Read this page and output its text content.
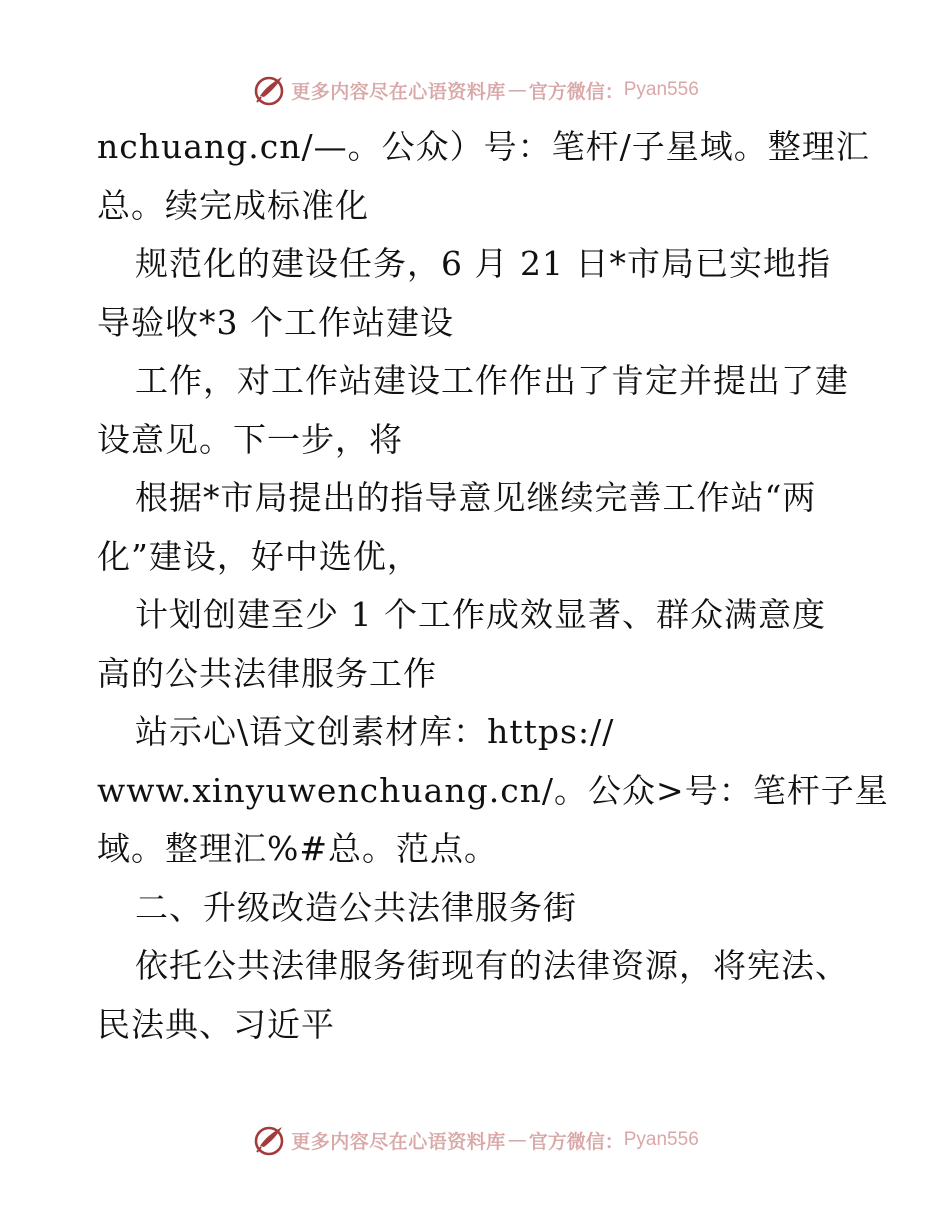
更多内容尽在心语资料库 — 官方微信： Pyan556
nchuang.cn/—。公众）号：笔杆/子星域。整理汇
总。续完成标准化
规范化的建设任务，6 月 21 日*市局已实地指
导验收*3 个工作站建设
工作，对工作站建设工作作出了肯定并提出了建
设意见。下一步，将
根据*市局提出的指导意见继续完善工作站“两
化”建设，好中选优，
计划创建至少 1 个工作成效显著、群众满意度
高的公共法律服务工作
站示心\语文创素材库：https://
www.xinyuwenchuang.cn/。公众>号：笔杆子星
域。整理汇%#总。范点。
二、升级改造公共法律服务街
依托公共法律服务街现有的法律资源，将宪法、
民法典、习近平
更多内容尽在心语资料库 — 官方微信： Pyan556
